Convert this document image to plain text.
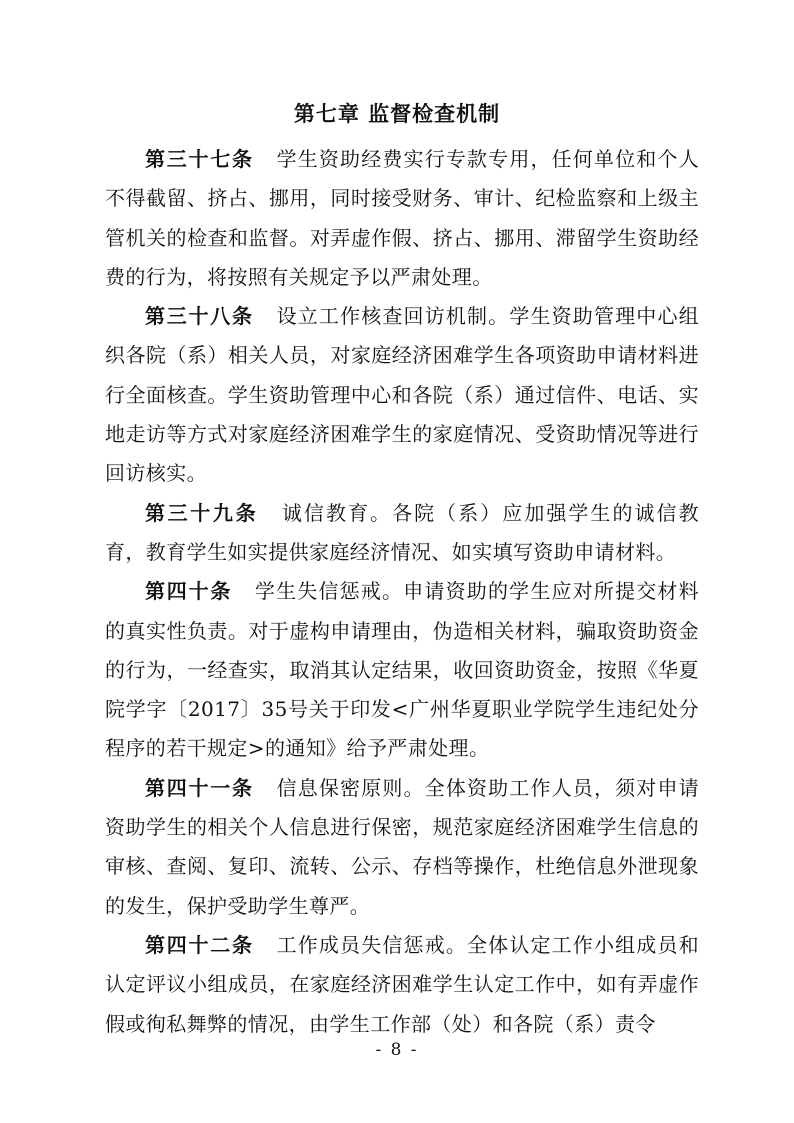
第七章 监督检查机制

第三十七条 学生资助经费实行专款专用，任何单位和个人不得截留、挤占、挪用，同时接受财务、审计、纪检监察和上级主管机关的检查和监督。对弄虚作假、挤占、挪用、滞留学生资助经费的行为，将按照有关规定予以严肃处理。

第三十八条 设立工作核查回访机制。学生资助管理中心组织各院（系）相关人员，对家庭经济困难学生各项资助申请材料进行全面核查。学生资助管理中心和各院（系）通过信件、电话、实地走访等方式对家庭经济困难学生的家庭情况、受资助情况等进行回访核实。

第三十九条 诚信教育。各院（系）应加强学生的诚信教育，教育学生如实提供家庭经济情况、如实填写资助申请材料。

第四十条 学生失信惩戒。申请资助的学生应对所提交材料的真实性负责。对于虚构申请理由，伪造相关材料，骗取资助资金的行为，一经查实，取消其认定结果，收回资助资金，按照《华夏院学字〔2017〕35号关于印发<广州华夏职业学院学生违纪处分程序的若干规定>的通知》给予严肃处理。

第四十一条 信息保密原则。全体资助工作人员，须对申请资助学生的相关个人信息进行保密，规范家庭经济困难学生信息的审核、查阅、复印、流转、公示、存档等操作，杜绝信息外泄现象的发生，保护受助学生尊严。

第四十二条 工作成员失信惩戒。全体认定工作小组成员和认定评议小组成员，在家庭经济困难学生认定工作中，如有弄虚作假或徇私舞弊的情况，由学生工作部（处）和各院（系）责令

- 8 -
